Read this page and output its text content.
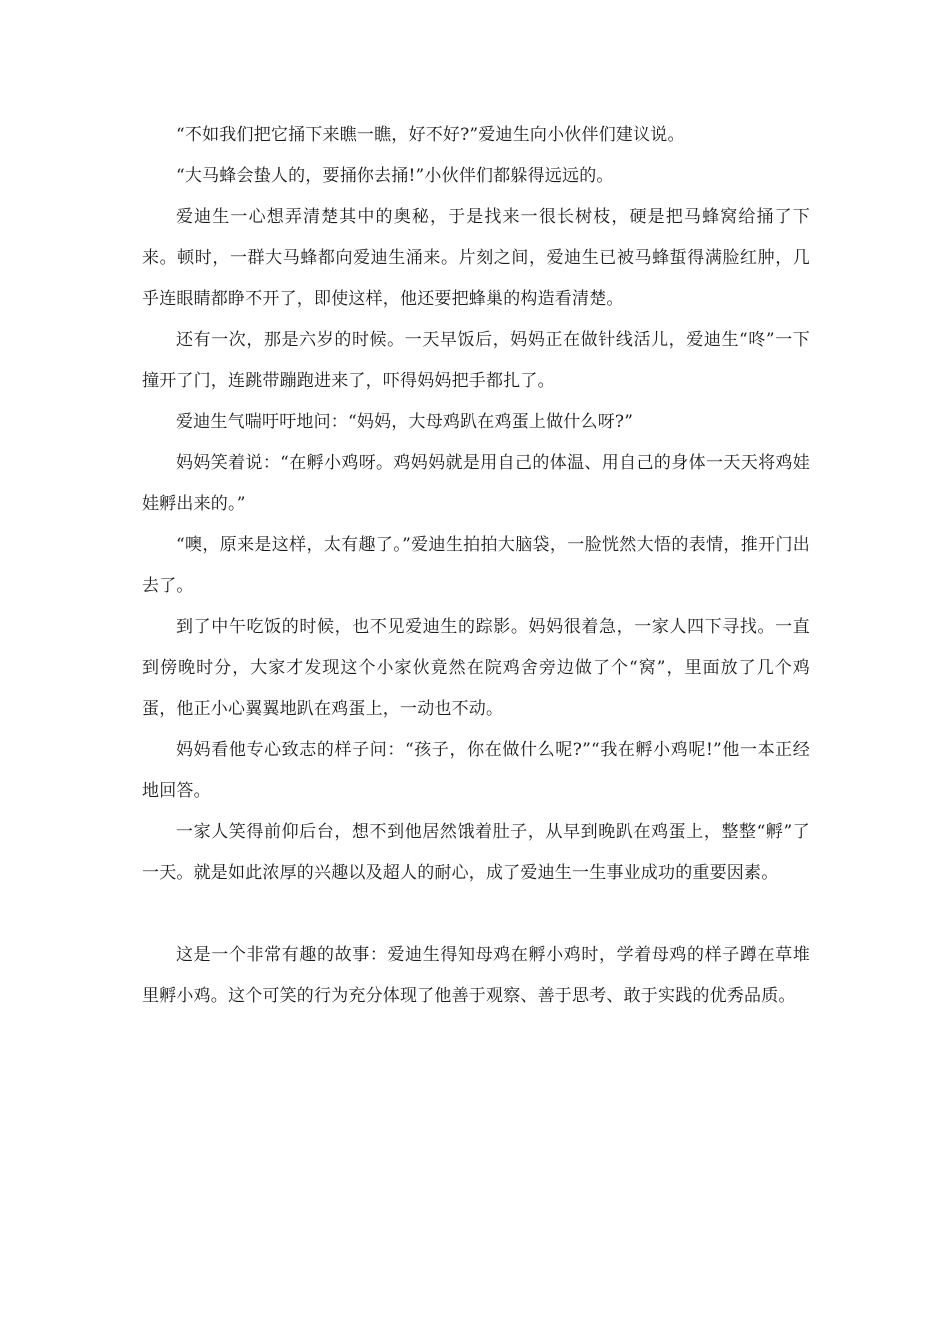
“不如我们把它捅下来瞧一瞧，好不好?”爱迪生向小伙伴们建议说。

“大马蜂会蛰人的，要捅你去捅!”小伙伴们都躲得远远的。

爱迪生一心想弄清楚其中的奥秘，于是找来一很长树枝，硬是把马蜂窝给捅了下来。顿时，一群大马蜂都向爱迪生涌来。片刻之间，爱迪生已被马蜂蜇得满脸红肿，几乎连眼睛都睁不开了，即使这样，他还要把蜂巢的构造看清楚。

还有一次，那是六岁的时候。一天早饭后，妈妈正在做针线活儿，爱迪生“咚”一下撞开了门，连跳带蹦跑进来了，吓得妈妈把手都扎了。

爱迪生气喘吁吁地问：“妈妈，大母鸡趴在鸡蛋上做什么呀?”

妈妈笑着说：“在孵小鸡呀。鸡妈妈就是用自己的体温、用自己的身体一天天将鸡娃娃孵出来的。”

“噢，原来是这样，太有趣了。”爱迪生拍拍大脑袋，一脸恍然大悟的表情，推开门出去了。

到了中午吃饭的时候，也不见爱迪生的踪影。妈妈很着急，一家人四下寻找。一直到傍晚时分，大家才发现这个小家伙竟然在院鸡舍旁边做了个“窝”，里面放了几个鸡蛋，他正小心翼翼地趴在鸡蛋上，一动也不动。

妈妈看他专心致志的样子问：“孩子，你在做什么呢?”“我在孵小鸡呢!”他一本正经地回答。

一家人笑得前仰后台，想不到他居然饿着肚子，从早到晚趴在鸡蛋上，整整“孵”了一天。就是如此浓厚的兴趣以及超人的耐心，成了爱迪生一生事业成功的重要因素。

这是一个非常有趣的故事：爱迪生得知母鸡在孵小鸡时，学着母鸡的样子蹲在草堆里孵小鸡。这个可笑的行为充分体现了他善于观察、善于思考、敢于实践的优秀品质。
